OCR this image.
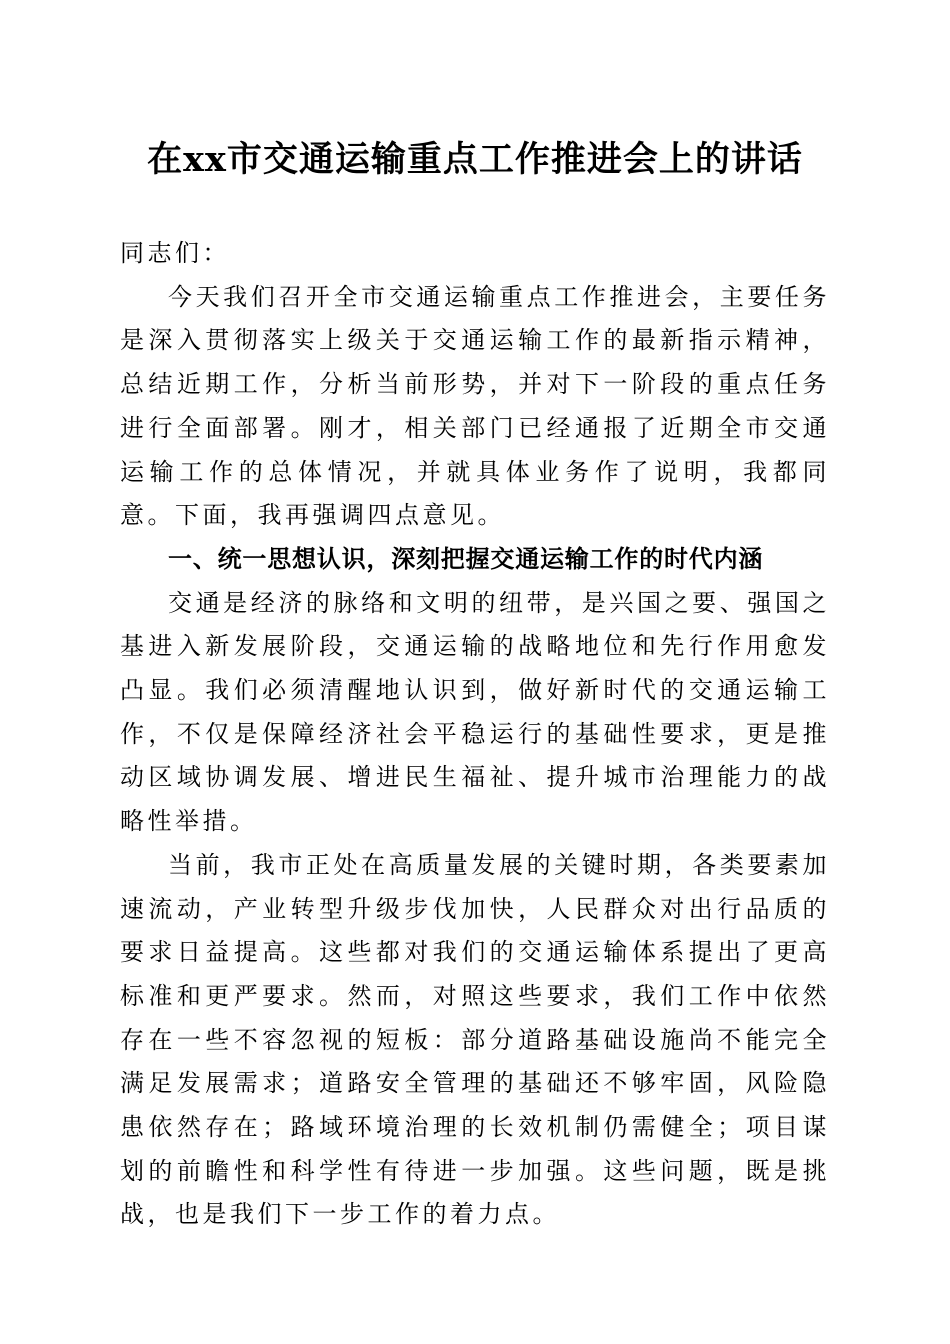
在xx市交通运输重点工作推进会上的讲话

同志们：

今天我们召开全市交通运输重点工作推进会，主要任务是深入贯彻落实上级关于交通运输工作的最新指示精神，总结近期工作，分析当前形势，并对下一阶段的重点任务进行全面部署。刚才，相关部门已经通报了近期全市交通运输工作的总体情况，并就具体业务作了说明，我都同意。下面，我再强调四点意见。

一、统一思想认识，深刻把握交通运输工作的时代内涵

交通是经济的脉络和文明的纽带，是兴国之要、强国之基进入新发展阶段，交通运输的战略地位和先行作用愈发凸显。我们必须清醒地认识到，做好新时代的交通运输工作，不仅是保障经济社会平稳运行的基础性要求，更是推动区域协调发展、增进民生福祉、提升城市治理能力的战略性举措。

当前，我市正处在高质量发展的关键时期，各类要素加速流动，产业转型升级步伐加快，人民群众对出行品质的要求日益提高。这些都对我们的交通运输体系提出了更高标准和更严要求。然而，对照这些要求，我们工作中依然存在一些不容忽视的短板：部分道路基础设施尚不能完全满足发展需求；道路安全管理的基础还不够牢固，风险隐患依然存在；路域环境治理的长效机制仍需健全；项目谋划的前瞻性和科学性有待进一步加强。这些问题，既是挑战，也是我们下一步工作的着力点。
